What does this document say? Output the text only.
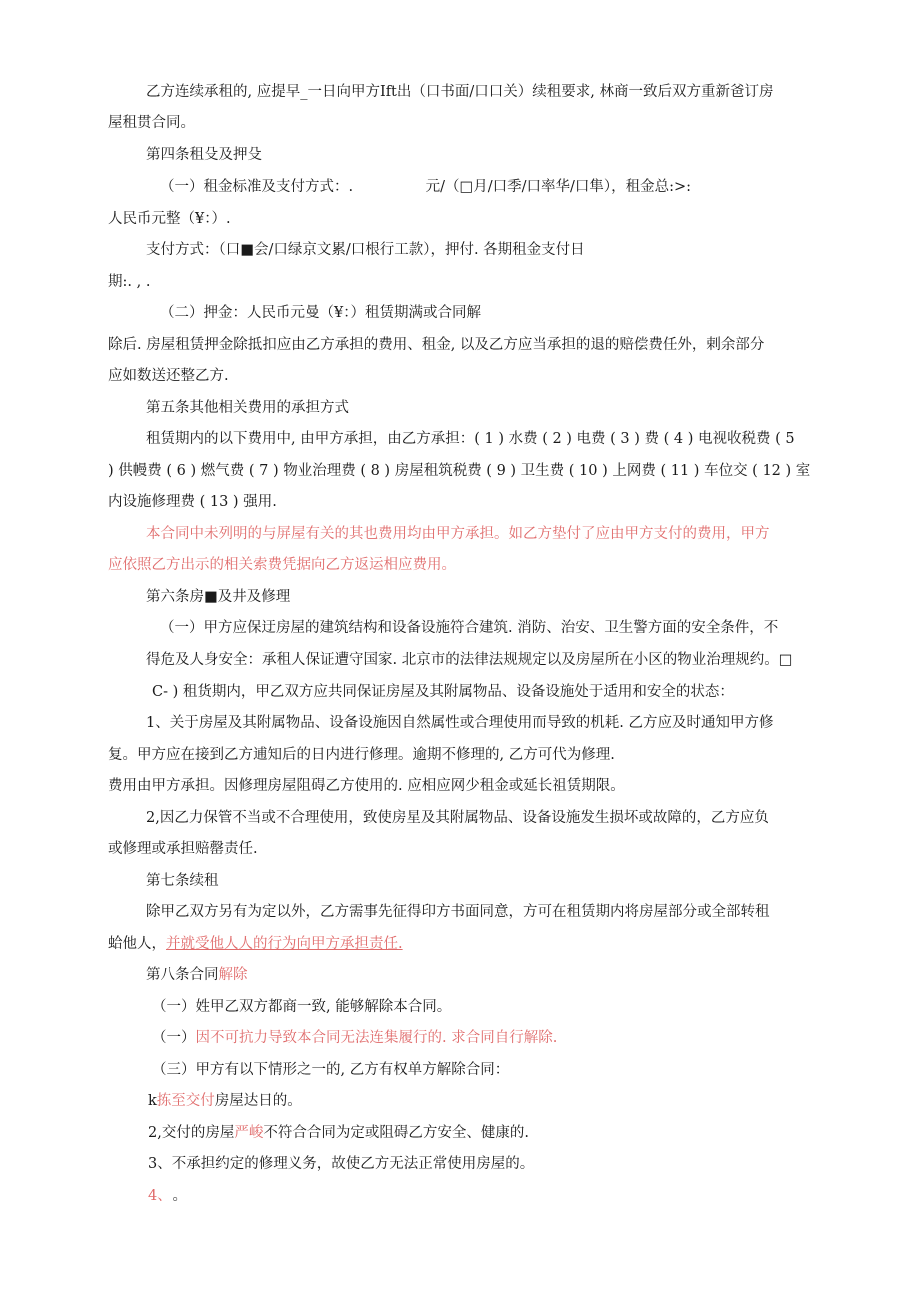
乙方连续承租的, 应提早_一日向甲方Ift出（口书面/口口关）续租要求, 林商一致后双方重新爸订房
屋租贯合同。
第四条租殳及押殳
（一）租金标准及支付方式：.　　　　　元/（□月/口季/口率华/口隼），租金总:>:
人民币元整（¥：）.
支付方式：（口■会/口绿京文累/口根行工款），押付. 各期租金支付日
期:. , .
（二）押金：人民币元曼（¥：）租赁期满或合同解
除后. 房屋租赁押金除抵扣应由乙方承担的费用、租金, 以及乙方应当承担的退的赔偿费任外，剌余部分
应如数送还整乙方.
第五条其他相关费用的承担方式
租赁期内的以下费用中, 由甲方承担，由乙方承担：( 1 ) 水费 ( 2 ) 电费 ( 3 ) 费 ( 4 ) 电视收税费 ( 5
) 供幔费 ( 6 ) 燃气费 ( 7 ) 物业治理费 ( 8 ) 房屋租筑税费 ( 9 ) 卫生费 ( 10 ) 上网费 ( 11 ) 车位交 ( 12 ) 室
内设施修理费 ( 13 ) 强用.
本合同中未列明的与屏屋有关的其也费用均由甲方承担。如乙方垫付了应由甲方支付的费用，甲方
应依照乙方出示的相关索费凭据向乙方返运相应费用。
第六条房■及井及修理
（一）甲方应保迂房屋的建筑结构和设备设施符合建筑. 消防、治安、卫生警方面的安全条件，不
得危及人身安全：承租人保证遭守国家. 北京市的法律法规规定以及房屋所在小区的物业治理规约。□
C- ) 租货期内，甲乙双方应共同保证房屋及其附属物品、设备设施处于适用和安全的状态：
1、关于房屋及其附属物品、设备设施因自然属性或合理使用而导致的机耗. 乙方应及时通知甲方修
复。甲方应在接到乙方逋知后的日内进行修理。逾期不修理的, 乙方可代为修理.
费用由甲方承担。因修理房屋阻碍乙方使用的. 应相应网少租金或延长祖赁期限。
2,因乙力保管不当或不合理使用，致使房星及其附属物品、设备设施发生损坏或故障的，乙方应负
或修理或承担赔罄责任.
第七条续租
除甲乙双方另有为定以外，乙方需事先征得印方书面同意，方可在租赁期内将房屋部分或全部转租
蛤他人，并就受他人人的行为向甲方承担责任.
第八条合同解除
（一）姓甲乙双方都商一致, 能够解除本合同。
（一）因不可抗力导致本合同无法连集履行的. 求合同自行解除.
（三）甲方有以下情形之一的, 乙方有权单方解除合同：
k拣至交付房屋达日的。
2,交付的房屋严峻不符合合同为定或阻碍乙方安全、健康的.
3、不承担约定的修理义务，故使乙方无法正常使用房屋的。
4、 。
